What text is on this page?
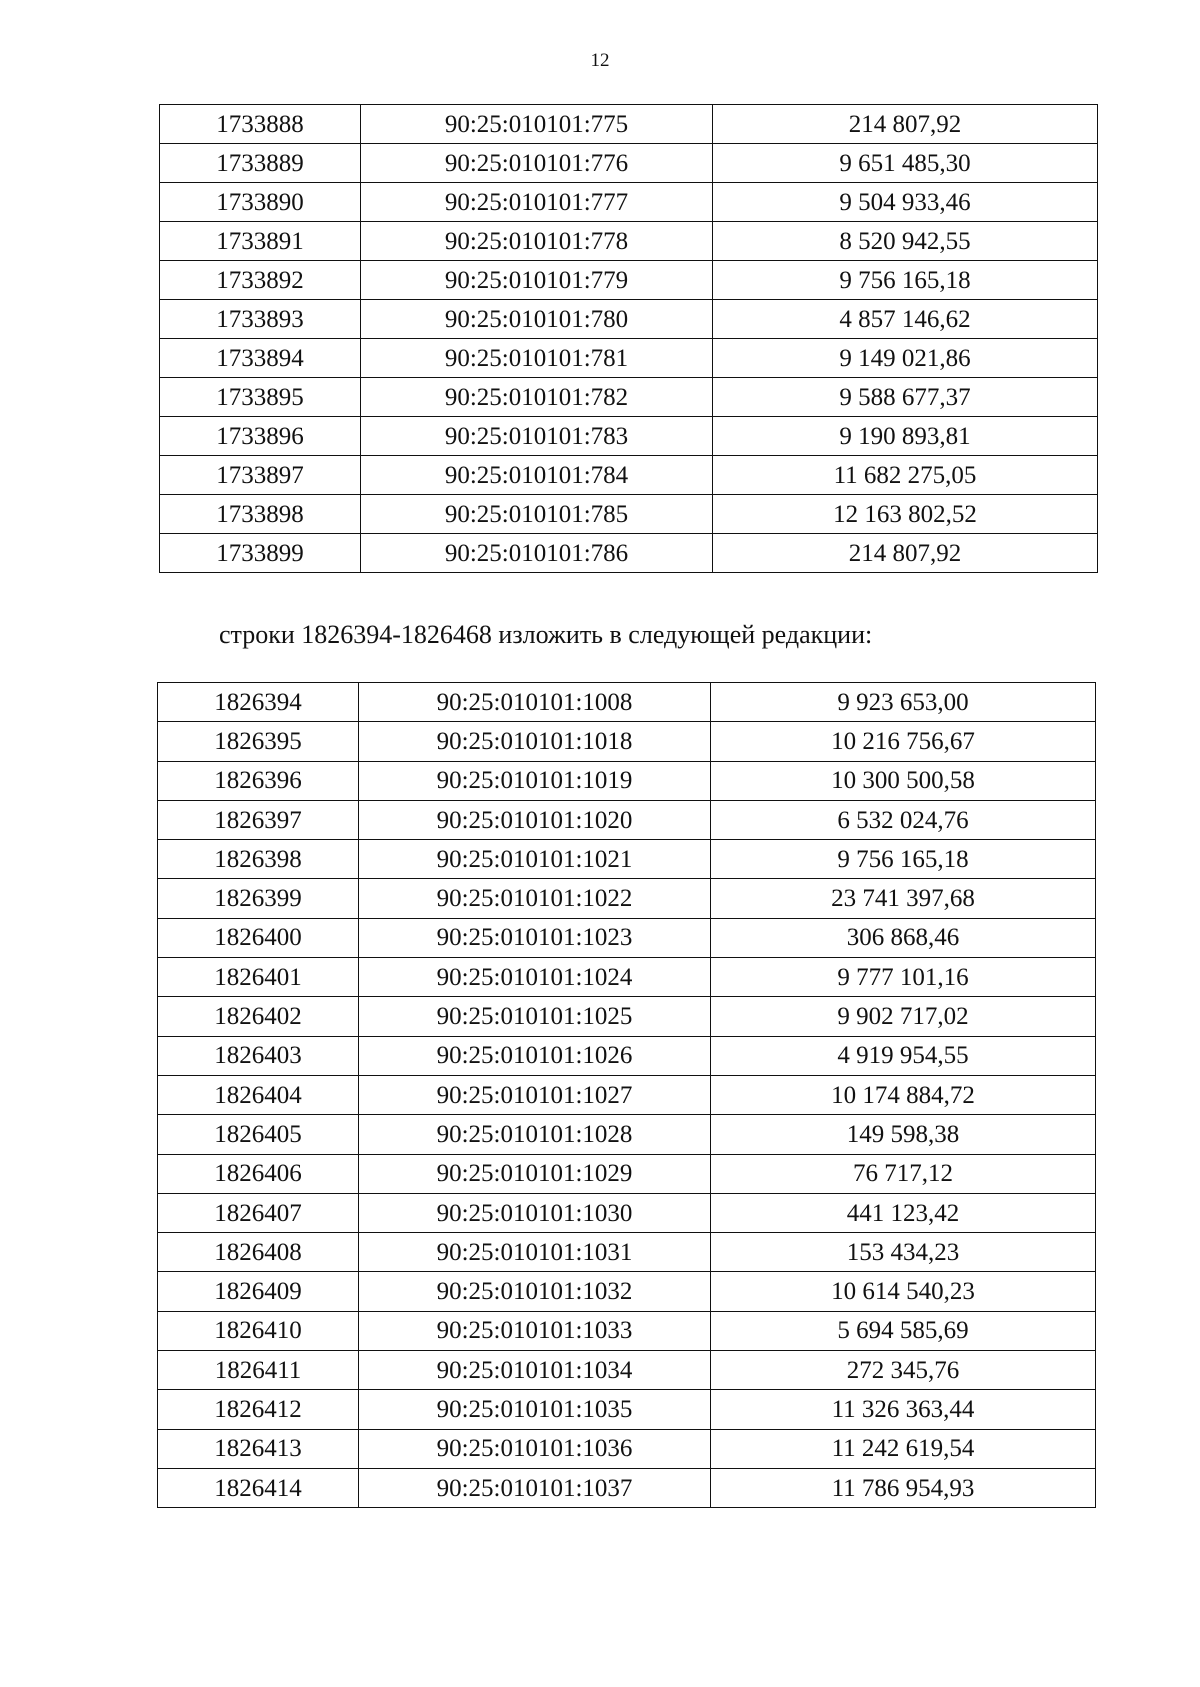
12
1733888	90:25:010101:775	214 807,92
1733889	90:25:010101:776	9 651 485,30
1733890	90:25:010101:777	9 504 933,46
1733891	90:25:010101:778	8 520 942,55
1733892	90:25:010101:779	9 756 165,18
1733893	90:25:010101:780	4 857 146,62
1733894	90:25:010101:781	9 149 021,86
1733895	90:25:010101:782	9 588 677,37
1733896	90:25:010101:783	9 190 893,81
1733897	90:25:010101:784	11 682 275,05
1733898	90:25:010101:785	12 163 802,52
1733899	90:25:010101:786	214 807,92
строки 1826394-1826468 изложить в следующей редакции:
1826394	90:25:010101:1008	9 923 653,00
1826395	90:25:010101:1018	10 216 756,67
1826396	90:25:010101:1019	10 300 500,58
1826397	90:25:010101:1020	6 532 024,76
1826398	90:25:010101:1021	9 756 165,18
1826399	90:25:010101:1022	23 741 397,68
1826400	90:25:010101:1023	306 868,46
1826401	90:25:010101:1024	9 777 101,16
1826402	90:25:010101:1025	9 902 717,02
1826403	90:25:010101:1026	4 919 954,55
1826404	90:25:010101:1027	10 174 884,72
1826405	90:25:010101:1028	149 598,38
1826406	90:25:010101:1029	76 717,12
1826407	90:25:010101:1030	441 123,42
1826408	90:25:010101:1031	153 434,23
1826409	90:25:010101:1032	10 614 540,23
1826410	90:25:010101:1033	5 694 585,69
1826411	90:25:010101:1034	272 345,76
1826412	90:25:010101:1035	11 326 363,44
1826413	90:25:010101:1036	11 242 619,54
1826414	90:25:010101:1037	11 786 954,93
